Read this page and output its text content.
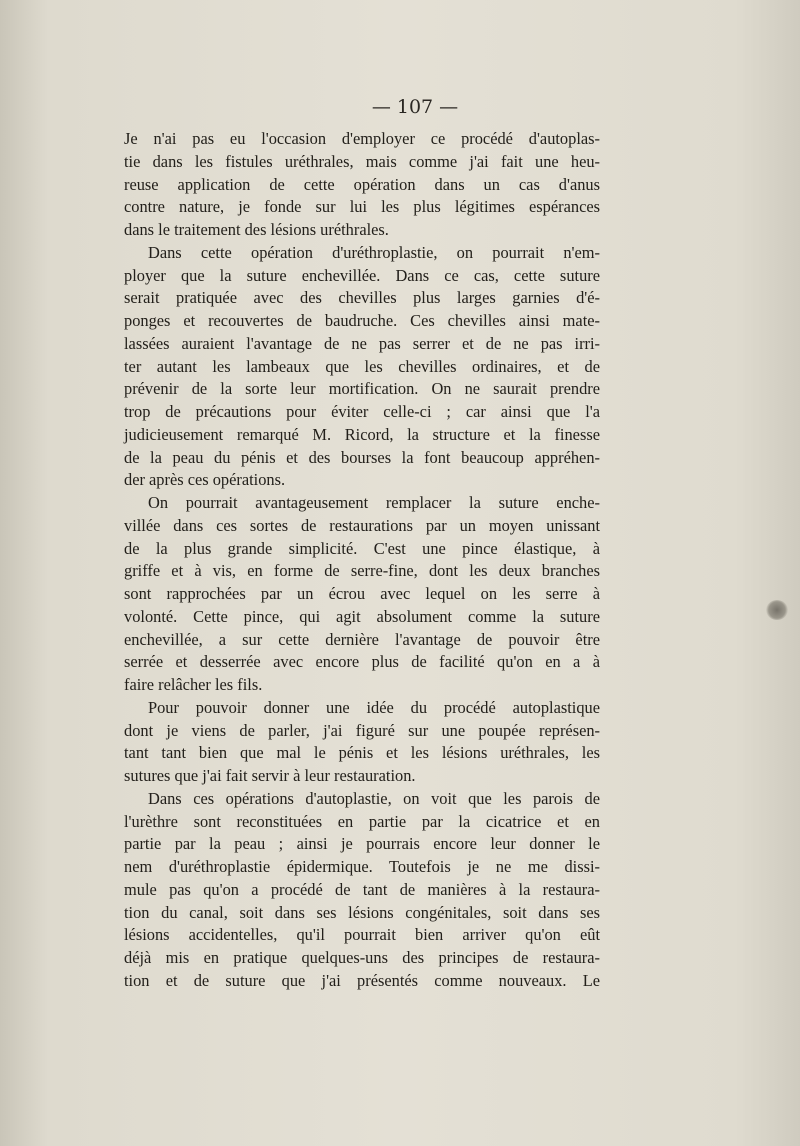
— 107 —
Je n'ai pas eu l'occasion d'employer ce procédé d'autoplas-
tie dans les fistules uréthrales, mais comme j'ai fait une heu-
reuse application de cette opération dans un cas d'anus
contre nature, je fonde sur lui les plus légitimes espérances
dans le traitement des lésions uréthrales.
Dans cette opération d'uréthroplastie, on pourrait n'em-
ployer que la suture enchevillée. Dans ce cas, cette suture
serait pratiquée avec des chevilles plus larges garnies d'é-
ponges et recouvertes de baudruche. Ces chevilles ainsi mate-
lassées auraient l'avantage de ne pas serrer et de ne pas irri-
ter autant les lambeaux que les chevilles ordinaires, et de
prévenir de la sorte leur mortification. On ne saurait prendre
trop de précautions pour éviter celle-ci ; car ainsi que l'a
judicieusement remarqué M. Ricord, la structure et la finesse
de la peau du pénis et des bourses la font beaucoup appréhen-
der après ces opérations.
On pourrait avantageusement remplacer la suture enche-
villée dans ces sortes de restaurations par un moyen unissant
de la plus grande simplicité. C'est une pince élastique, à
griffe et à vis, en forme de serre-fine, dont les deux branches
sont rapprochées par un écrou avec lequel on les serre à
volonté. Cette pince, qui agit absolument comme la suture
enchevillée, a sur cette dernière l'avantage de pouvoir être
serrée et desserrée avec encore plus de facilité qu'on en a à
faire relâcher les fils.
Pour pouvoir donner une idée du procédé autoplastique
dont je viens de parler, j'ai figuré sur une poupée représen-
tant tant bien que mal le pénis et les lésions uréthrales, les
sutures que j'ai fait servir à leur restauration.
Dans ces opérations d'autoplastie, on voit que les parois de
l'urèthre sont reconstituées en partie par la cicatrice et en
partie par la peau ; ainsi je pourrais encore leur donner le
nem d'uréthroplastie épidermique. Toutefois je ne me dissi-
mule pas qu'on a procédé de tant de manières à la restaura-
tion du canal, soit dans ses lésions congénitales, soit dans ses
lésions accidentelles, qu'il pourrait bien arriver qu'on eût
déjà mis en pratique quelques-uns des principes de restaura-
tion et de suture que j'ai présentés comme nouveaux. Le
